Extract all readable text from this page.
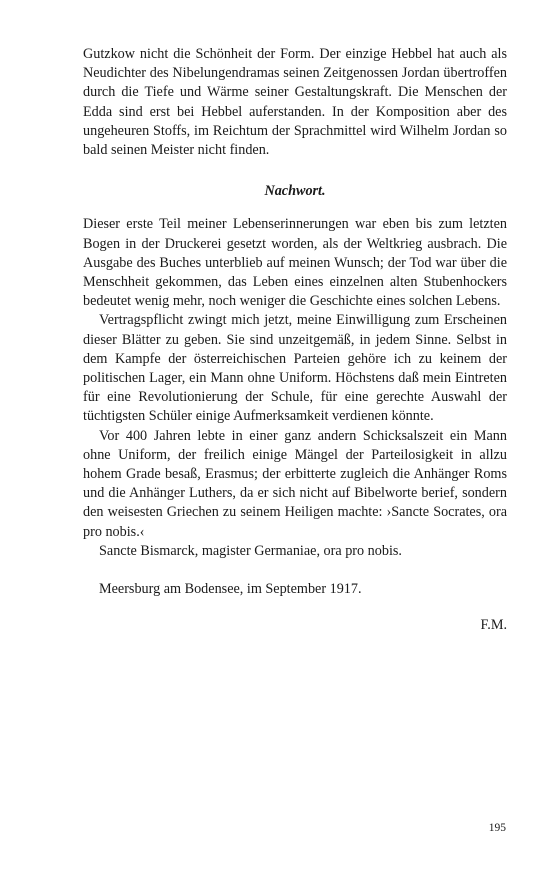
Gutzkow nicht die Schönheit der Form. Der einzige Hebbel hat auch als Neudichter des Nibelungendramas seinen Zeitgenossen Jordan übertroffen durch die Tiefe und Wärme seiner Gestaltungskraft. Die Menschen der Edda sind erst bei Hebbel auferstanden. In der Komposition aber des ungeheuren Stoffs, im Reichtum der Sprachmittel wird Wilhelm Jordan so bald seinen Meister nicht finden.

Nachwort.

Dieser erste Teil meiner Lebenserinnerungen war eben bis zum letzten Bogen in der Druckerei gesetzt worden, als der Weltkrieg ausbrach. Die Ausgabe des Buches unterblieb auf meinen Wunsch; der Tod war über die Menschheit gekommen, das Leben eines einzelnen alten Stubenhockers bedeutet wenig mehr, noch weniger die Geschichte eines solchen Lebens.

Vertragspflicht zwingt mich jetzt, meine Einwilligung zum Erscheinen dieser Blätter zu geben. Sie sind unzeitgemäß, in jedem Sinne. Selbst in dem Kampfe der österreichischen Parteien gehöre ich zu keinem der politischen Lager, ein Mann ohne Uniform. Höchstens daß mein Eintreten für eine Revolutionierung der Schule, für eine gerechte Auswahl der tüchtigsten Schüler einige Aufmerksamkeit verdienen könnte.

Vor 400 Jahren lebte in einer ganz andern Schicksalszeit ein Mann ohne Uniform, der freilich einige Mängel der Parteilosigkeit in allzu hohem Grade besaß, Erasmus; der erbitterte zugleich die Anhänger Roms und die Anhänger Luthers, da er sich nicht auf Bibelworte berief, sondern den weisesten Griechen zu seinem Heiligen machte: ›Sancte Socrates, ora pro nobis.‹

Sancte Bismarck, magister Germaniae, ora pro nobis.

Meersburg am Bodensee, im September 1917.
F.M.
195
